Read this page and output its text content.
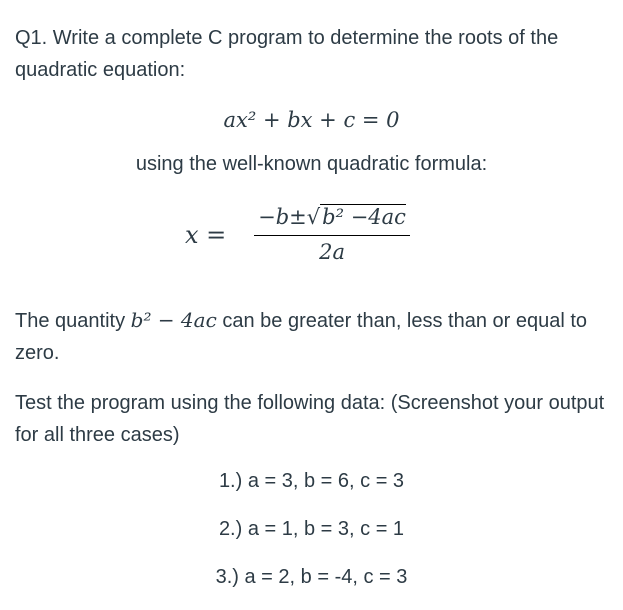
Q1. Write a complete C program to determine the roots of the quadratic equation:
ax² + bx + c = 0
using the well-known quadratic formula:
$x = \frac{\text{−b±√b² −4ac}}{2a}$
The quantity b² − 4ac can be greater than, less than or equal to zero.
Test the program using the following data: (Screenshot your output for all three cases)
1.) a = 3, b = 6, c = 3
2.) a = 1, b = 3, c = 1
3.) a = 2, b = -4, c = 3
